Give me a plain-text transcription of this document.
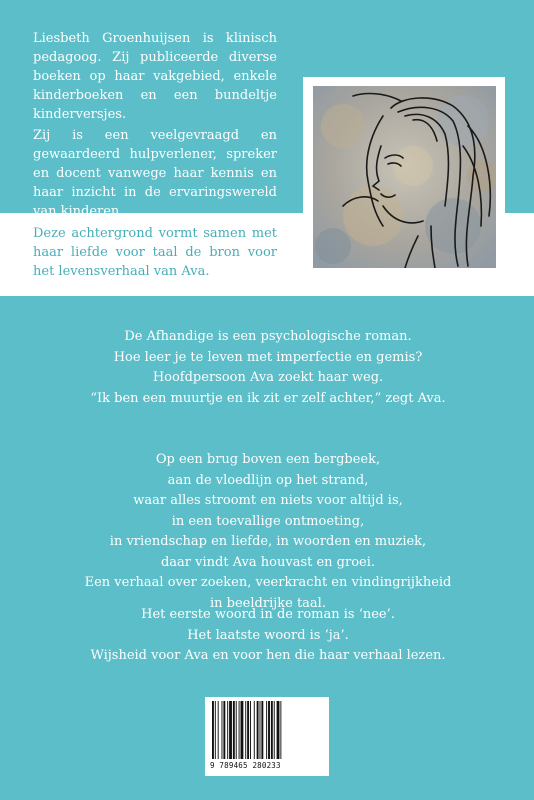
Liesbeth Groenhuijsen is klinisch pedagoog. Zij publiceerde diverse boeken op haar vakgebied, enkele kinderboeken en een bundeltje kinderversjes.

Zij is een veelgevraagd en gewaardeerd hulpverlener, spreker en docent vanwege haar kennis en haar inzicht in de ervaringswereld van kinderen.

Deze achtergrond vormt samen met haar liefde voor taal de bron voor het levensverhaal van Ava.

De Afhandige is een psychologische roman.
Hoe leer je te leven met imperfectie en gemis?
Hoofdpersoon Ava zoekt haar weg.
“Ik ben een muurtje en ik zit er zelf achter,” zegt Ava.
Op een brug boven een bergbeek,
aan de vloedlijn op het strand,
waar alles stroomt en niets voor altijd is,
in een toevallige ontmoeting,
in vriendschap en liefde, in woorden en muziek,
daar vindt Ava houvast en groei.
Een verhaal over zoeken, veerkracht en vindingrijkheid
in beeldrijke taal.
Het eerste woord in de roman is ‘nee’.
Het laatste woord is ‘ja’.
Wijsheid voor Ava en voor hen die haar verhaal lezen.
9 789465 280233	boek·scout
